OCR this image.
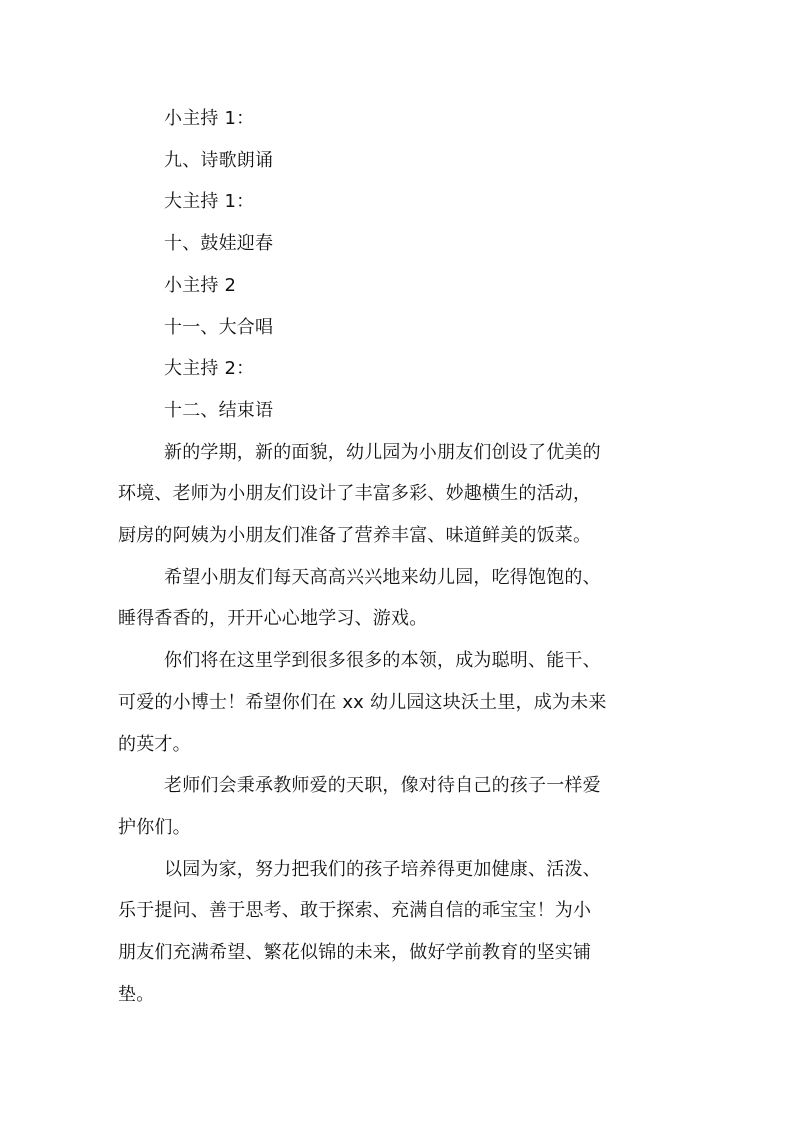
小主持 1：

九、诗歌朗诵

大主持 1：

十、鼓娃迎春

小主持 2

十一、大合唱

大主持 2：

十二、结束语

新的学期，新的面貌，幼儿园为小朋友们创设了优美的

环境、老师为小朋友们设计了丰富多彩、妙趣横生的活动，

厨房的阿姨为小朋友们准备了营养丰富、味道鲜美的饭菜。

希望小朋友们每天高高兴兴地来幼儿园，吃得饱饱的、

睡得香香的，开开心心地学习、游戏。

你们将在这里学到很多很多的本领，成为聪明、能干、

可爱的小博士！希望你们在 xx 幼儿园这块沃土里，成为未来

的英才。

老师们会秉承教师爱的天职，像对待自己的孩子一样爱

护你们。

以园为家，努力把我们的孩子培养得更加健康、活泼、

乐于提问、善于思考、敢于探索、充满自信的乖宝宝！为小

朋友们充满希望、繁花似锦的未来，做好学前教育的坚实铺

垫。
